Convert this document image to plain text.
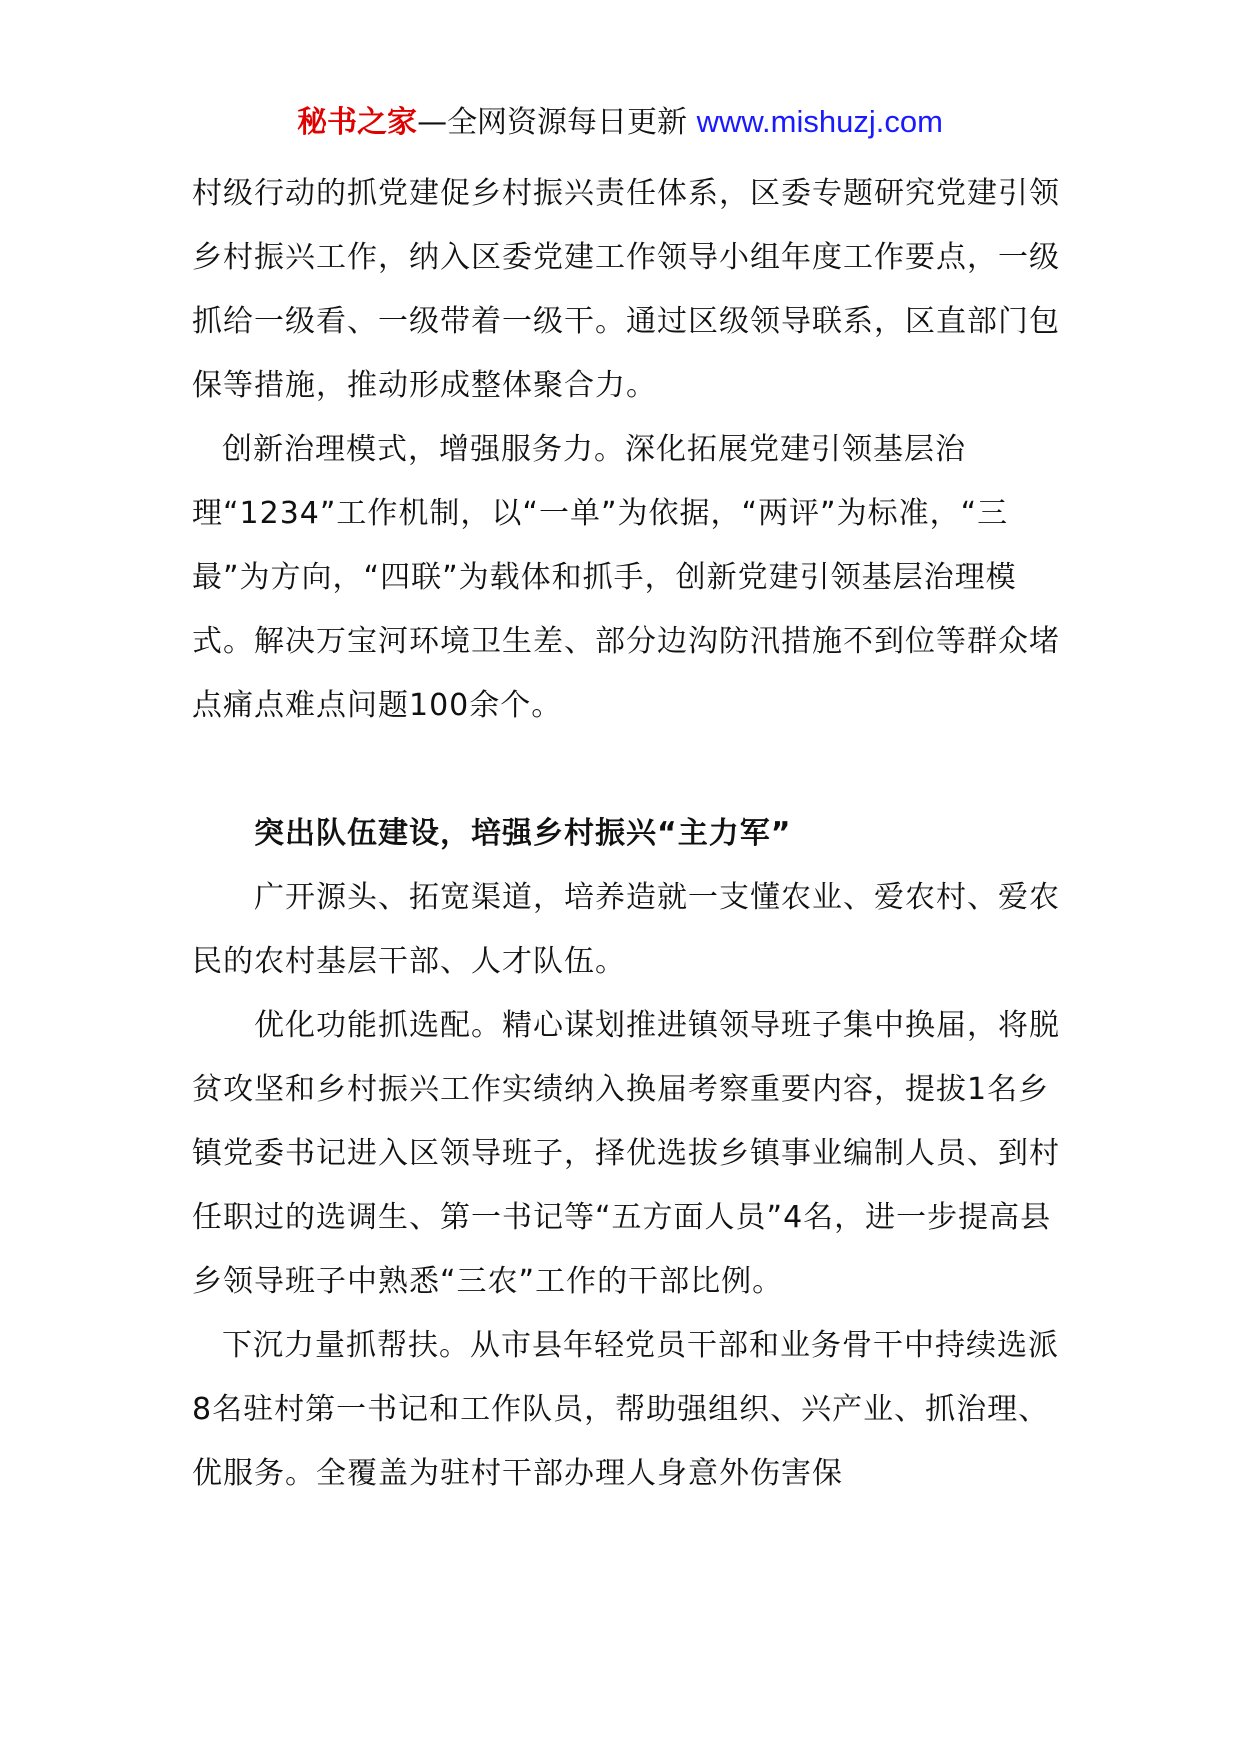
秘书之家—全网资源每日更新 www.mishuzj.com

村级行动的抓党建促乡村振兴责任体系，区委专题研究党建引领乡村振兴工作，纳入区委党建工作领导小组年度工作要点，一级抓给一级看、一级带着一级干。通过区级领导联系，区直部门包保等措施，推动形成整体聚合力。

创新治理模式，增强服务力。深化拓展党建引领基层治理“1234”工作机制，以“一单”为依据，“两评”为标准，“三最”为方向，“四联”为载体和抓手，创新党建引领基层治理模式。解决万宝河环境卫生差、部分边沟防汛措施不到位等群众堵点痛点难点问题100余个。

突出队伍建设，培强乡村振兴“主力军”

广开源头、拓宽渠道，培养造就一支懂农业、爱农村、爱农民的农村基层干部、人才队伍。

优化功能抓选配。精心谋划推进镇领导班子集中换届，将脱贫攻坚和乡村振兴工作实绩纳入换届考察重要内容，提拔1名乡镇党委书记进入区领导班子，择优选拔乡镇事业编制人员、到村任职过的选调生、第一书记等“五方面人员”4名，进一步提高县乡领导班子中熟悉“三农”工作的干部比例。

下沉力量抓帮扶。从市县年轻党员干部和业务骨干中持续选派8名驻村第一书记和工作队员，帮助强组织、兴产业、抓治理、优服务。全覆盖为驻村干部办理人身意外伤害保
